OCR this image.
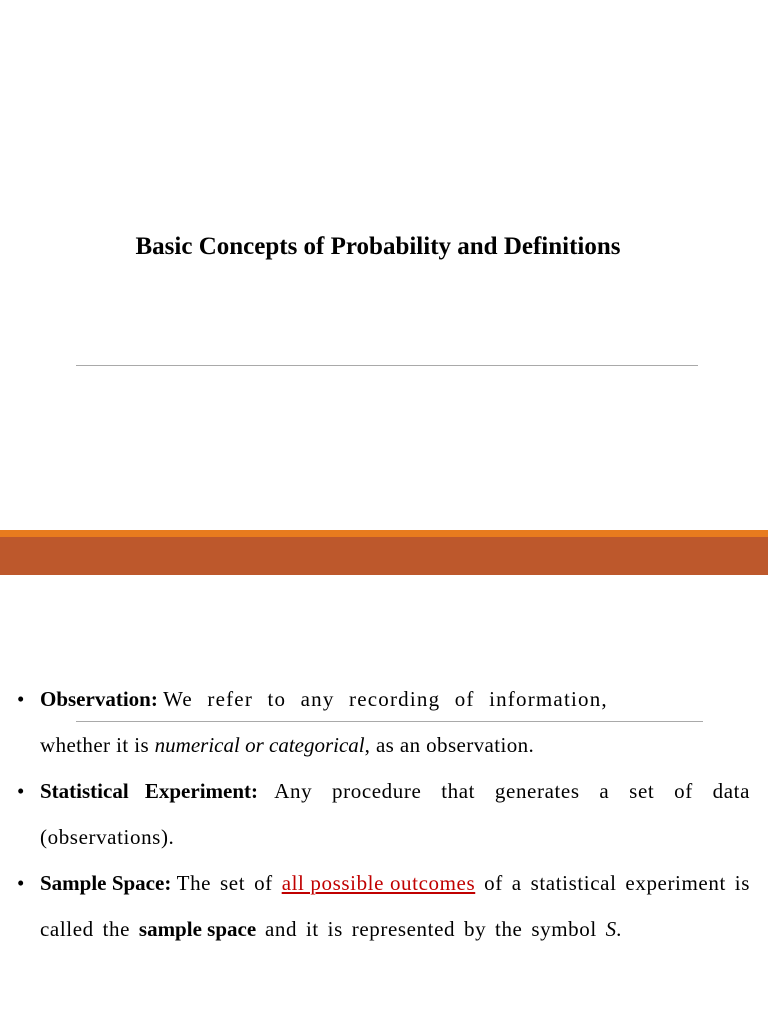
Basic Concepts of Probability and Definitions
• Observation: We refer to any recording of information,
whether it is numerical or categorical, as an observation.
• Statistical Experiment: Any procedure that generates a set of data (observations).
• Sample Space: The set of all possible outcomes of a statistical experiment is called the sample space and it is represented by the symbol S.
